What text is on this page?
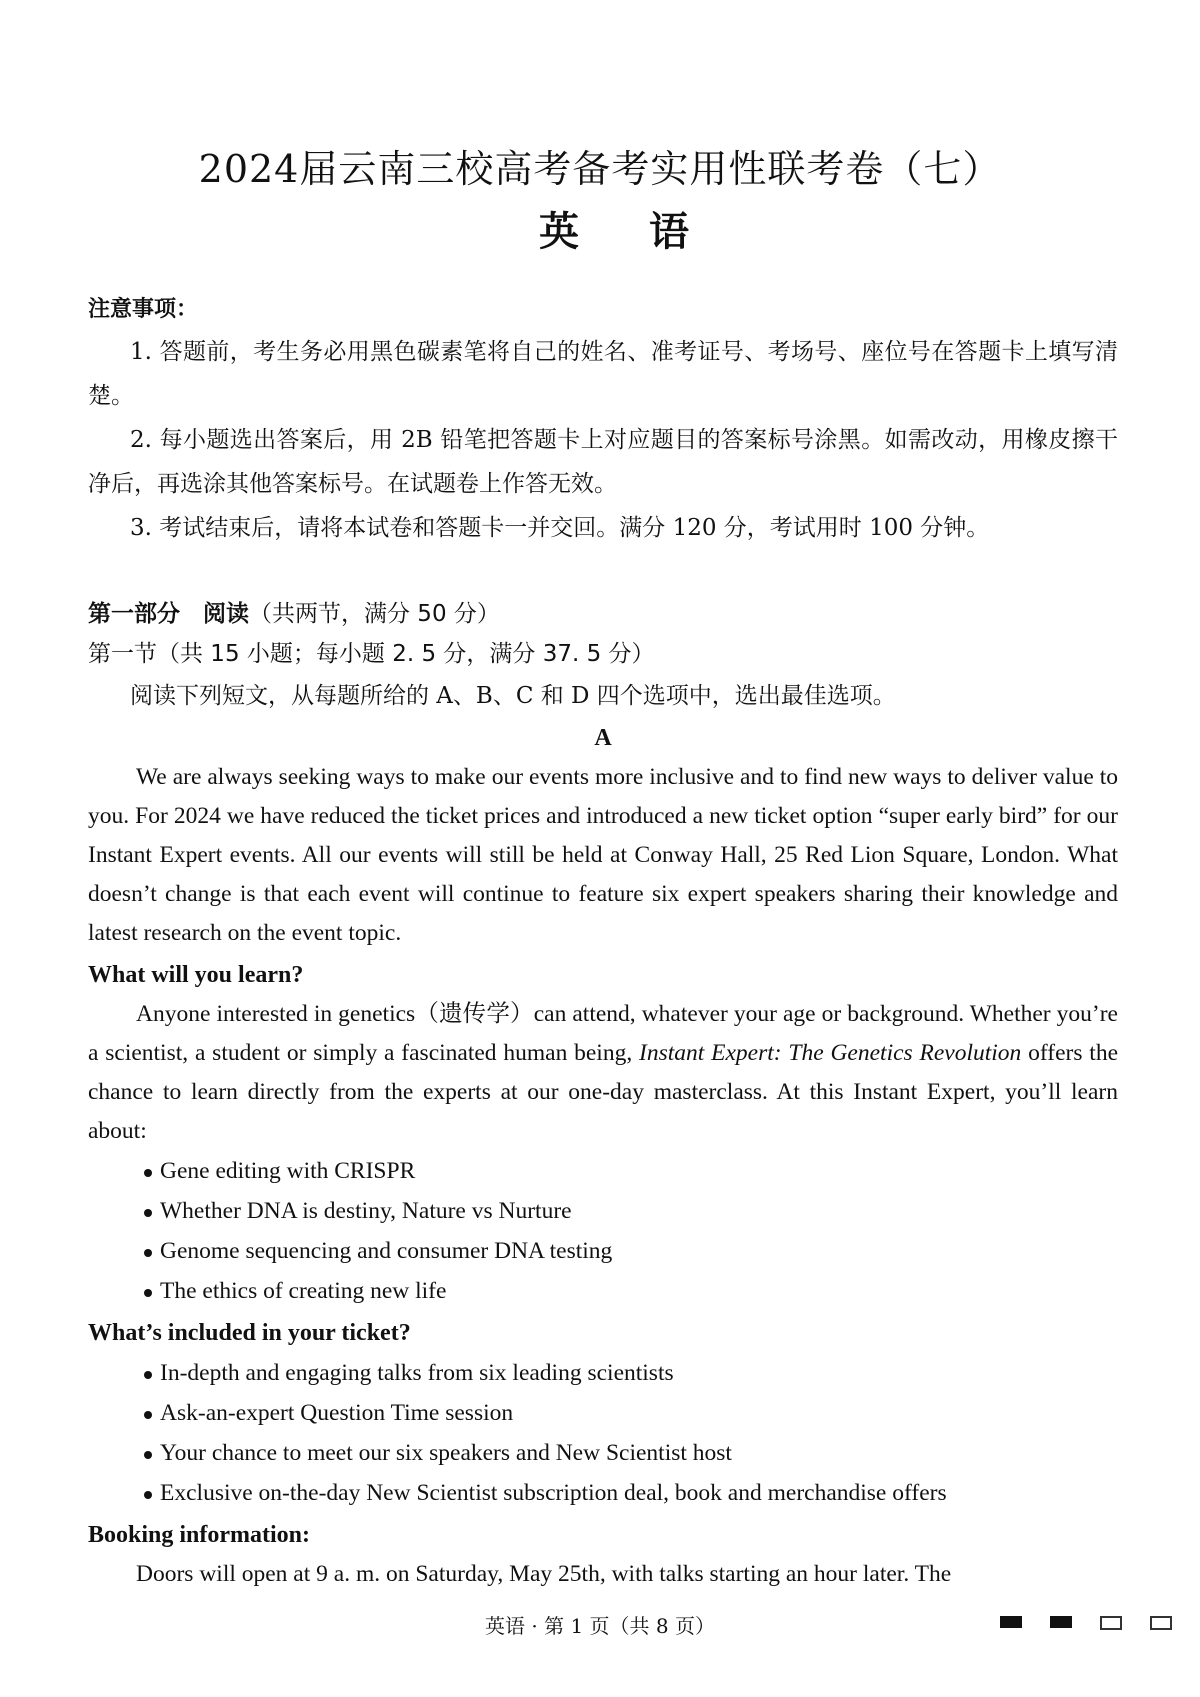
2024届云南三校高考备考实用性联考卷（七）
英 语
注意事项：

1. 答题前，考生务必用黑色碳素笔将自己的姓名、准考证号、考场号、座位号在答题卡上填写清楚。

2. 每小题选出答案后，用 2B 铅笔把答题卡上对应题目的答案标号涂黑。如需改动，用橡皮擦干净后，再选涂其他答案标号。在试题卷上作答无效。

3. 考试结束后，请将本试卷和答题卡一并交回。满分 120 分，考试用时 100 分钟。

第一部分　阅读（共两节，满分 50 分）
第一节（共 15 小题；每小题 2. 5 分，满分 37. 5 分）

阅读下列短文，从每题所给的 A、B、C 和 D 四个选项中，选出最佳选项。

A

We are always seeking ways to make our events more inclusive and to find new ways to deliver value to you. For 2024 we have reduced the ticket prices and introduced a new ticket option “super early bird” for our Instant Expert events. All our events will still be held at Conway Hall, 25 Red Lion Square, London. What doesn’t change is that each event will continue to feature six expert speakers sharing their knowledge and latest research on the event topic.

What will you learn?

Anyone interested in genetics（遗传学）can attend, whatever your age or background. Whether you’re a scientist, a student or simply a fascinated human being, Instant Expert: The Genetics Revolution offers the chance to learn directly from the experts at our one-day masterclass. At this Instant Expert, you’ll learn about:

Gene editing with CRISPR
Whether DNA is destiny, Nature vs Nurture
Genome sequencing and consumer DNA testing
The ethics of creating new life
What’s included in your ticket?
In-depth and engaging talks from six leading scientists
Ask-an-expert Question Time session
Your chance to meet our six speakers and New Scientist host
Exclusive on-the-day New Scientist subscription deal, book and merchandise offers
Booking information:

Doors will open at 9 a. m. on Saturday, May 25th, with talks starting an hour later. The

英语 · 第 1 页（共 8 页）
